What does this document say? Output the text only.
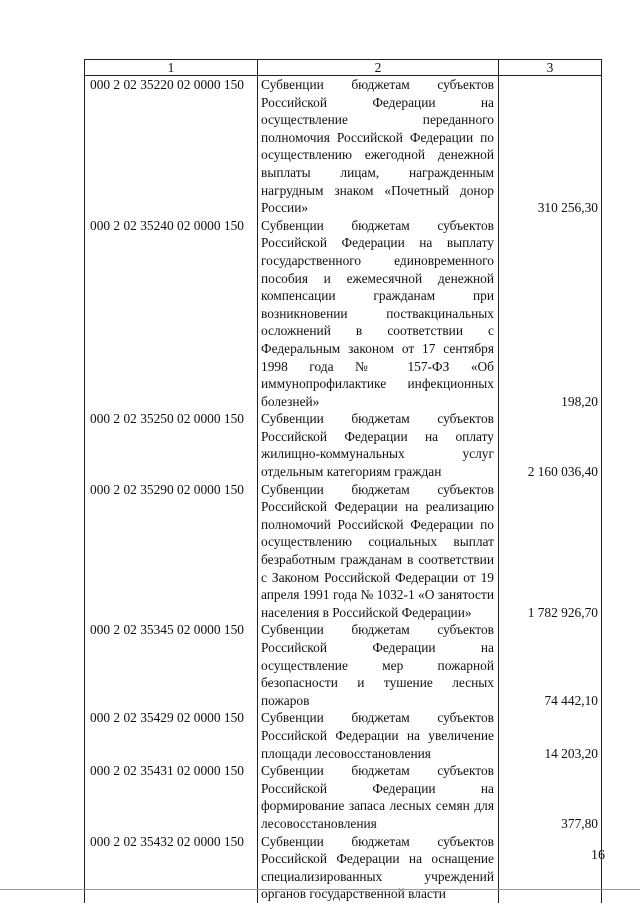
1	2	3
000 2 02 35220 02 0000 150	Субвенции бюджетам субъектов Российской Федерации на осуществление переданного полномочия Российской Федерации по осуществлению ежегодной денежной выплаты лицам, награжденным нагрудным знаком «Почетный донор России»	310 256,30
000 2 02 35240 02 0000 150	Субвенции бюджетам субъектов Российской Федерации на выплату государственного единовременного пособия и ежемесячной денежной компенсации гражданам при возникновении поствакцинальных осложнений в соответствии с Федеральным законом от 17 сентября 1998 года № 157-ФЗ «Об иммунопрофилактике инфекционных болезней»	198,20
000 2 02 35250 02 0000 150	Субвенции бюджетам субъектов Российской Федерации на оплату жилищно-коммунальных услуг отдельным категориям граждан	2 160 036,40
000 2 02 35290 02 0000 150	Субвенции бюджетам субъектов Российской Федерации на реализацию полномочий Российской Федерации по осуществлению социальных выплат безработным гражданам в соответствии с Законом Российской Федерации от 19 апреля 1991 года № 1032-1 «О занятости населения в Российской Федерации»	1 782 926,70
000 2 02 35345 02 0000 150	Субвенции бюджетам субъектов Российской Федерации на осуществление мер пожарной безопасности и тушение лесных пожаров	74 442,10
000 2 02 35429 02 0000 150	Субвенции бюджетам субъектов Российской Федерации на увеличение площади лесовосстановления	14 203,20
000 2 02 35431 02 0000 150	Субвенции бюджетам субъектов Российской Федерации на формирование запаса лесных семян для лесовосстановления	377,80
000 2 02 35432 02 0000 150	Субвенции бюджетам субъектов Российской Федерации на оснащение специализированных учреждений органов государственной власти	
16
